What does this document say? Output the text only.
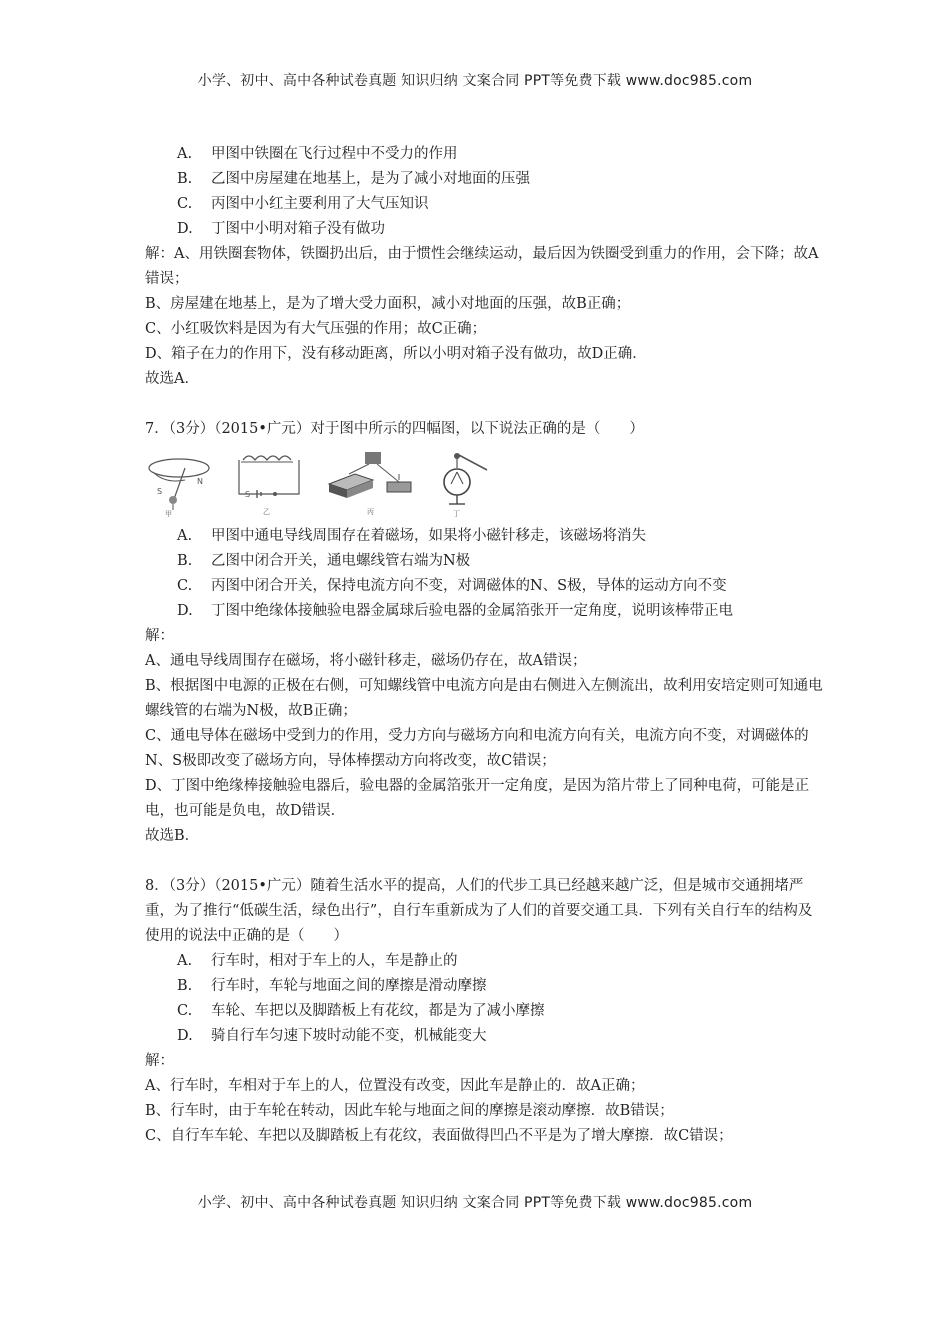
小学、初中、高中各种试卷真题 知识归纳 文案合同 PPT等免费下载 www.doc985.com
A. 甲图中铁圈在飞行过程中不受力的作用
B. 乙图中房屋建在地基上，是为了减小对地面的压强
C. 丙图中小红主要利用了大气压知识
D. 丁图中小明对箱子没有做功
解：A、用铁圈套物体，铁圈扔出后，由于惯性会继续运动，最后因为铁圈受到重力的作用，会下降；故A错误；
B、房屋建在地基上，是为了增大受力面积，减小对地面的压强，故B正确；
C、小红吸饮料是因为有大气压强的作用；故C正确；
D、箱子在力的作用下，没有移动距离，所以小明对箱子没有做功，故D正确．
故选A．
7．（3分）（2015•广元）对于图中所示的四幅图，以下说法正确的是（　　）
S
N
甲
S
乙	丙	丁
A. 甲图中通电导线周围存在着磁场，如果将小磁针移走，该磁场将消失
B. 乙图中闭合开关，通电螺线管右端为N极
C. 丙图中闭合开关，保持电流方向不变，对调磁体的N、S极，导体的运动方向不变
D. 丁图中绝缘体接触验电器金属球后验电器的金属箔张开一定角度，说明该棒带正电
解：
A、通电导线周围存在磁场，将小磁针移走，磁场仍存在，故A错误；
B、根据图中电源的正极在右侧，可知螺线管中电流方向是由右侧进入左侧流出，故利用安培定则可知通电螺线管的右端为N极，故B正确；
C、通电导体在磁场中受到力的作用，受力方向与磁场方向和电流方向有关，电流方向不变，对调磁体的N、S极即改变了磁场方向，导体棒摆动方向将改变，故C错误；
D、丁图中绝缘棒接触验电器后，验电器的金属箔张开一定角度，是因为箔片带上了同种电荷，可能是正电，也可能是负电，故D错误．
故选B．
8．（3分）（2015•广元）随着生活水平的提高，人们的代步工具已经越来越广泛，但是城市交通拥堵严重，为了推行“低碳生活，绿色出行”，自行车重新成为了人们的首要交通工具．下列有关自行车的结构及使用的说法中正确的是（　　）
A. 行车时，相对于车上的人，车是静止的
B. 行车时，车轮与地面之间的摩擦是滑动摩擦
C. 车轮、车把以及脚踏板上有花纹，都是为了减小摩擦
D. 骑自行车匀速下坡时动能不变，机械能变大
解：
A、行车时，车相对于车上的人，位置没有改变，因此车是静止的．故A正确；
B、行车时，由于车轮在转动，因此车轮与地面之间的摩擦是滚动摩擦．故B错误；
C、自行车车轮、车把以及脚踏板上有花纹，表面做得凹凸不平是为了增大摩擦．故C错误；
小学、初中、高中各种试卷真题 知识归纳 文案合同 PPT等免费下载 www.doc985.com
